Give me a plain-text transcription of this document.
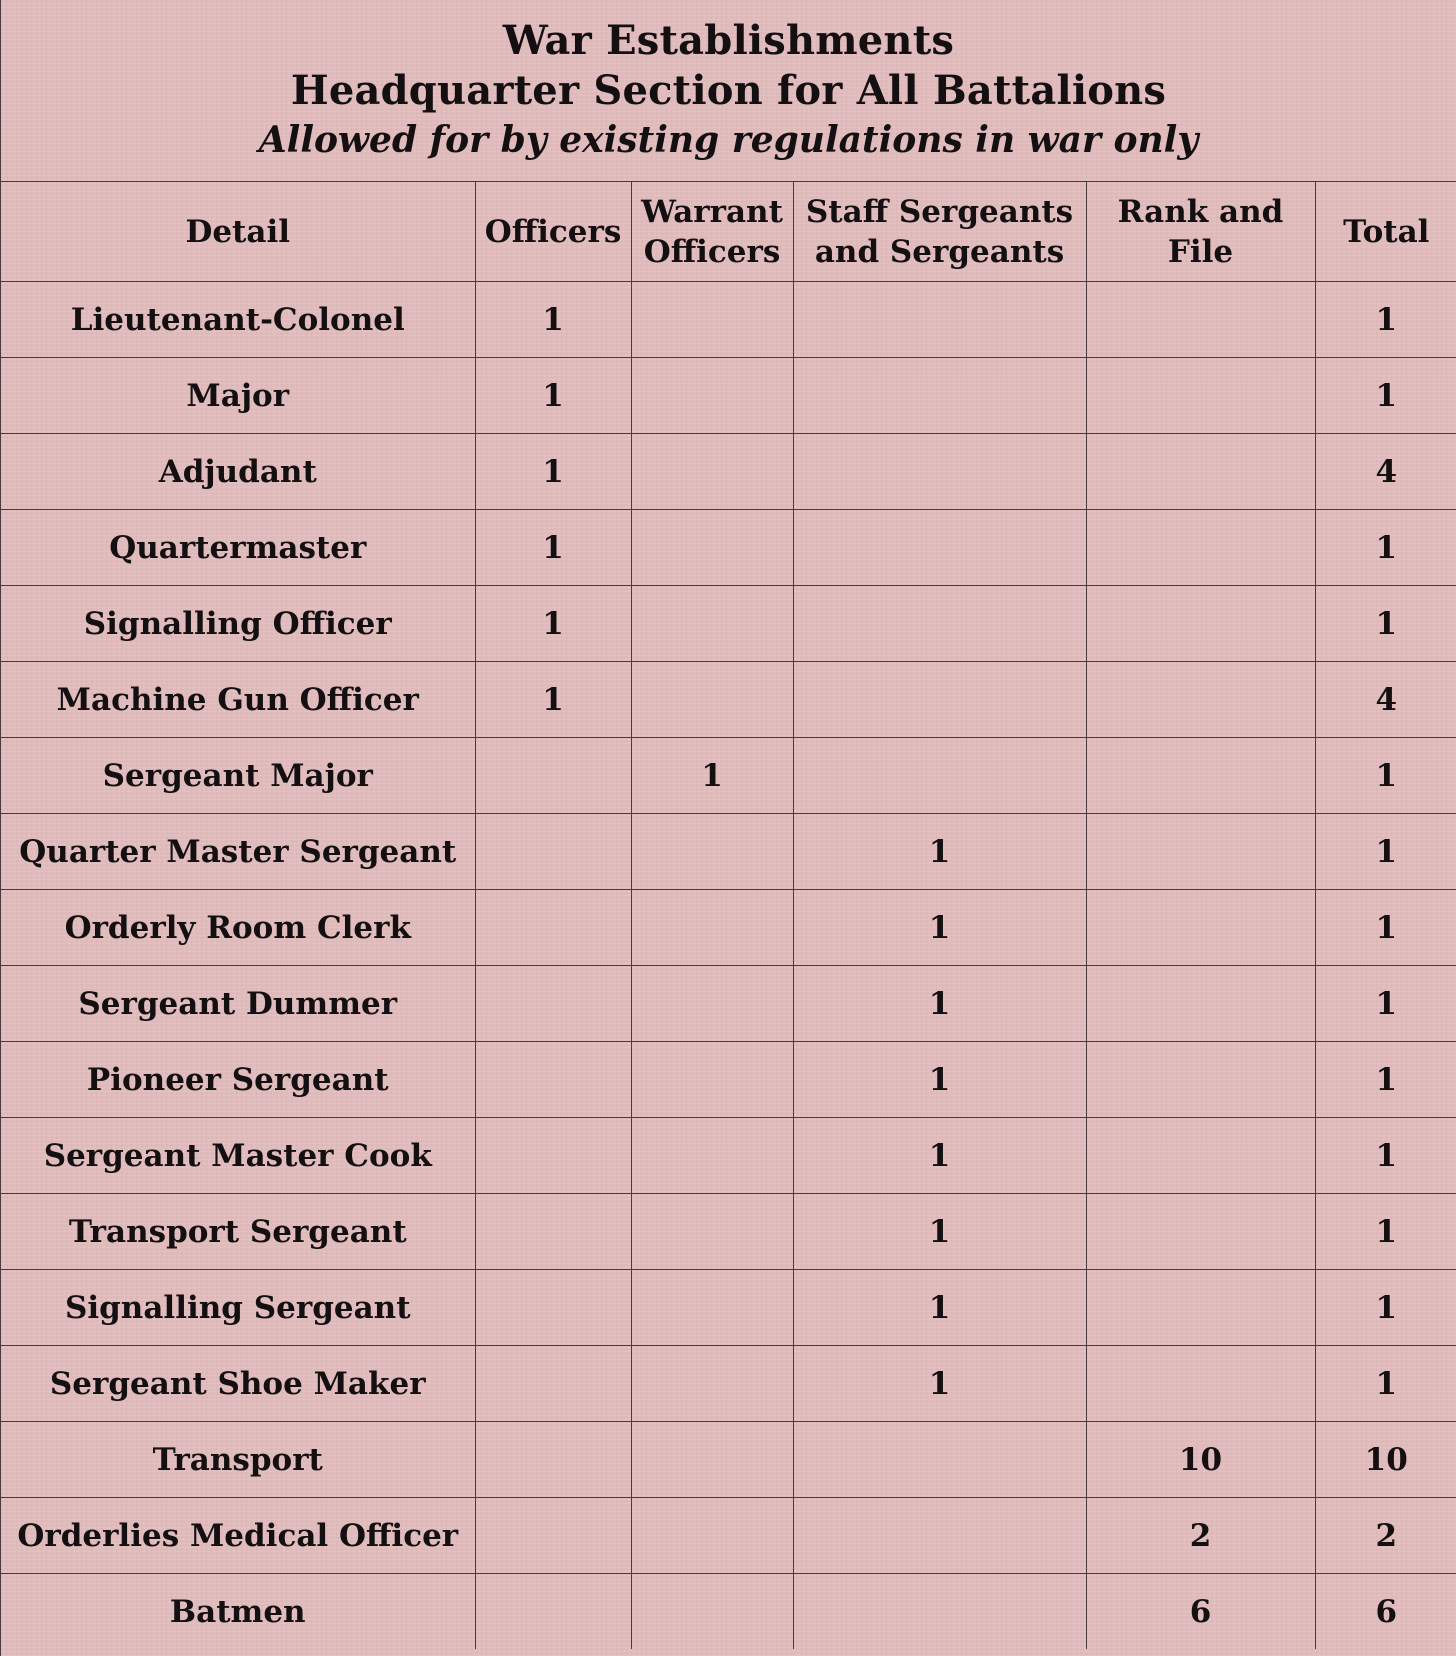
War Establishments
Headquarter Section for All Battalions
Allowed for by existing regulations in war only
Detail	Officers	Warrant Officers	Staff Sergeants and Sergeants	Rank and File	Total
Lieutenant-Colonel	1				1
Major	1				1
Adjudant	1				4
Quartermaster	1				1
Signalling Officer	1				1
Machine Gun Officer	1				4
Sergeant Major		1			1
Quarter Master Sergeant			1		1
Orderly Room Clerk			1		1
Sergeant Dummer			1		1
Pioneer Sergeant			1		1
Sergeant Master Cook			1		1
Transport Sergeant			1		1
Signalling Sergeant			1		1
Sergeant Shoe Maker			1		1
Transport				10	10
Orderlies Medical Officer				2	2
Batmen				6	6
